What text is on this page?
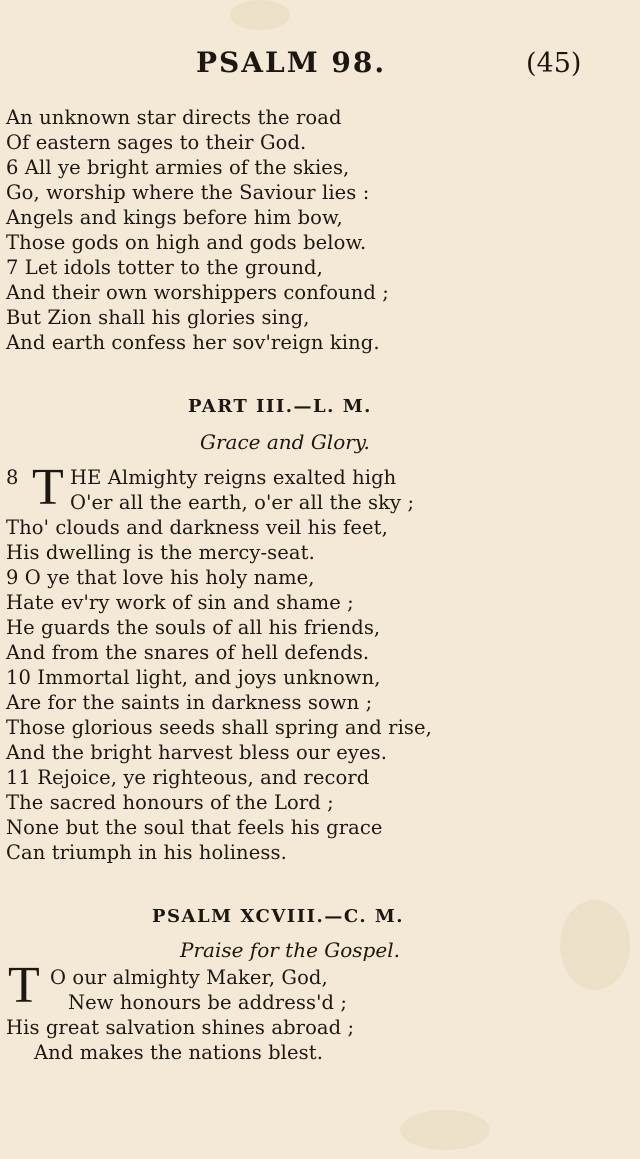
PSALM 98.	(45)
An unknown star directs the road
Of eastern sages to their God.
6 All ye bright armies of the skies,
Go, worship where the Saviour lies :
Angels and kings before him bow,
Those gods on high and gods below.
7 Let idols totter to the ground,
And their own worshippers confound ;
But Zion shall his glories sing,
And earth confess her sov'reign king.
PART III.—L. M.
Grace and Glory.
8 T HE Almighty reigns exalted high
O'er all the earth, o'er all the sky ;
Tho' clouds and darkness veil his feet,
His dwelling is the mercy-seat.
9 O ye that love his holy name,
Hate ev'ry work of sin and shame ;
He guards the souls of all his friends,
And from the snares of hell defends.
10 Immortal light, and joys unknown,
Are for the saints in darkness sown ;
Those glorious seeds shall spring and rise,
And the bright harvest bless our eyes.
11 Rejoice, ye righteous, and record
The sacred honours of the Lord ;
None but the soul that feels his grace
Can triumph in his holiness.
PSALM XCVIII.—C. M.
Praise for the Gospel.
T O our almighty Maker, God,
New honours be address'd ;
His great salvation shines abroad ;
And makes the nations blest.
